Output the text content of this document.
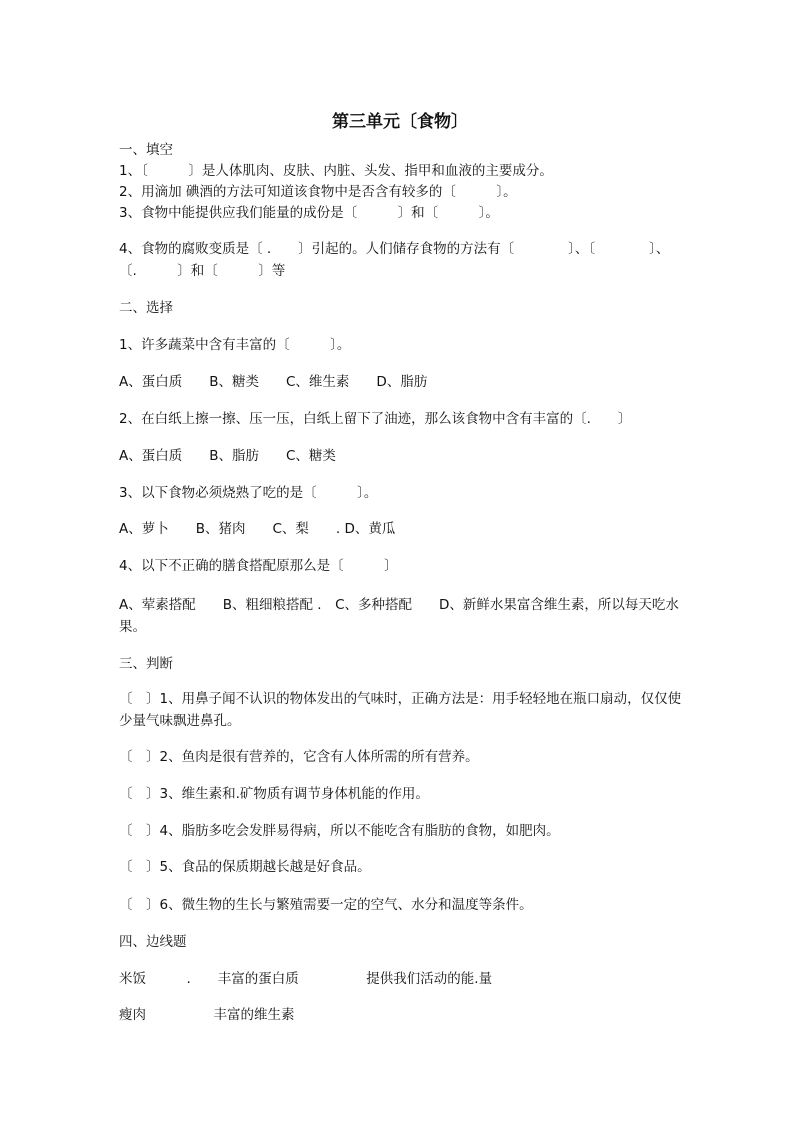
第三单元〔食物〕
一、填空
1、〔　　　〕是人体肌肉、皮肤、内脏、头发、指甲和血液的主要成分。
2、用滴加 碘酒的方法可知道该食物中是否含有较多的〔　　　〕。
3、食物中能提供应我们能量的成份是〔　　　〕和〔　　　〕。
4、食物的腐败变质是〔 .　　〕引起的。人们储存食物的方法有〔　　　　〕、〔　　　　〕、〔.　　　〕和〔　　　〕等
二、选择
1、许多蔬菜中含有丰富的〔　　　〕。
A、蛋白质　　B、糖类　　C、维生素　　D、脂肪
2、在白纸上擦一擦、压一压，白纸上留下了油迹，那么该食物中含有丰富的〔.　　〕
A、蛋白质　　B、脂肪　　C、糖类
3、以下食物必须烧熟了吃的是〔　　　〕。
A、萝卜　　B、猪肉　　C、梨　　. D、黄瓜
4、以下不正确的膳食搭配原那么是〔　　　〕
A、荤素搭配　　B、粗细粮搭配 .　C、多种搭配　　D、新鲜水果富含维生素，所以每天吃水果。
三、判断
〔　〕1、用鼻子闻不认识的物体发出的气味时，正确方法是：用手轻轻地在瓶口扇动，仅仅使少量气味飘进鼻孔。
〔　〕2、鱼肉是很有营养的，它含有人体所需的所有营养。
〔　〕3、维生素和.矿物质有调节身体机能的作用。
〔　〕4、脂肪多吃会发胖易得病，所以不能吃含有脂肪的食物，如肥肉。
〔　〕5、食品的保质期越长越是好食品。
〔　〕6、微生物的生长与繁殖需要一定的空气、水分和温度等条件。
四、边线题
米饭　　　.　　丰富的蛋白质　　　　　提供我们活动的能.量
瘦肉　　　　　丰富的维生素
